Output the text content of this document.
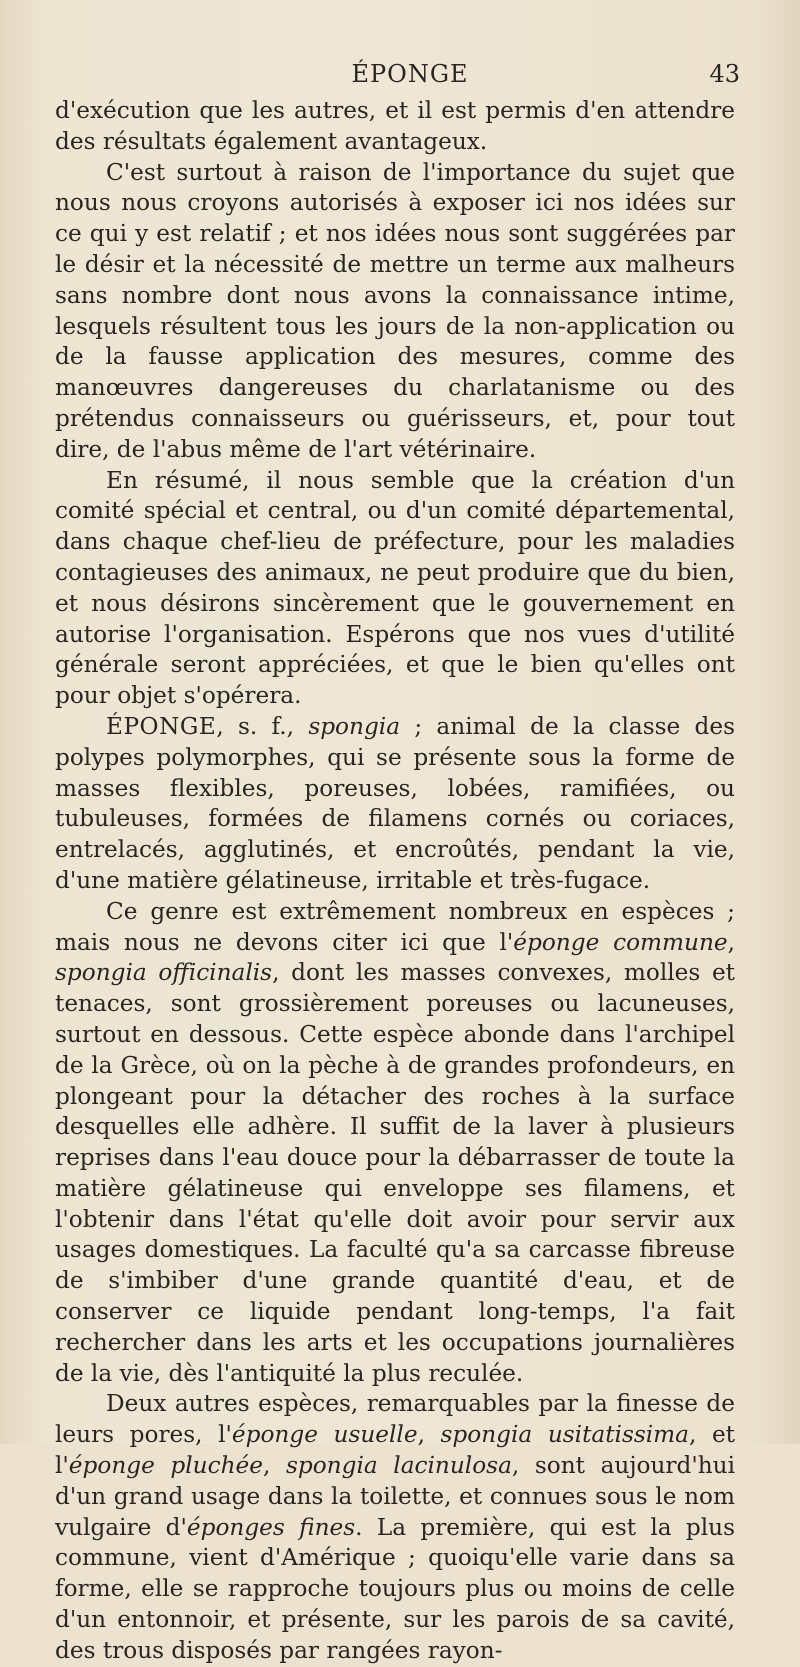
ÉPONGE	43

d'exécution que les autres, et il est permis d'en attendre des résultats également avantageux.

C'est surtout à raison de l'importance du sujet que nous nous croyons autorisés à exposer ici nos idées sur ce qui y est relatif ; et nos idées nous sont suggérées par le désir et la nécessité de mettre un terme aux malheurs sans nombre dont nous avons la connaissance intime, lesquels résultent tous les jours de la non-application ou de la fausse application des mesures, comme des manœuvres dangereuses du charlatanisme ou des prétendus connaisseurs ou guérisseurs, et, pour tout dire, de l'abus même de l'art vétérinaire.

En résumé, il nous semble que la création d'un comité spécial et central, ou d'un comité départemental, dans chaque chef-lieu de préfecture, pour les maladies contagieuses des animaux, ne peut produire que du bien, et nous désirons sincèrement que le gouvernement en autorise l'organisation. Espérons que nos vues d'utilité générale seront appréciées, et que le bien qu'elles ont pour objet s'opérera.

ÉPONGE, s. f., spongia ; animal de la classe des polypes polymorphes, qui se présente sous la forme de masses flexibles, poreuses, lobées, ramifiées, ou tubuleuses, formées de filamens cornés ou coriaces, entrelacés, agglutinés, et encroûtés, pendant la vie, d'une matière gélatineuse, irritable et très-fugace.

Ce genre est extrêmement nombreux en espèces ; mais nous ne devons citer ici que l'éponge commune, spongia officinalis, dont les masses convexes, molles et tenaces, sont grossièrement poreuses ou lacuneuses, surtout en dessous. Cette espèce abonde dans l'archipel de la Grèce, où on la pèche à de grandes profondeurs, en plongeant pour la détacher des roches à la surface desquelles elle adhère. Il suffit de la laver à plusieurs reprises dans l'eau douce pour la débarrasser de toute la matière gélatineuse qui enveloppe ses filamens, et l'obtenir dans l'état qu'elle doit avoir pour servir aux usages domestiques. La faculté qu'a sa carcasse fibreuse de s'imbiber d'une grande quantité d'eau, et de conserver ce liquide pendant long-temps, l'a fait rechercher dans les arts et les occupations journalières de la vie, dès l'antiquité la plus reculée.

Deux autres espèces, remarquables par la finesse de leurs pores, l'éponge usuelle, spongia usitatissima, et l'éponge pluchée, spongia lacinulosa, sont aujourd'hui d'un grand usage dans la toilette, et connues sous le nom vulgaire d'éponges fines. La première, qui est la plus commune, vient d'Amérique ; quoiqu'elle varie dans sa forme, elle se rapproche toujours plus ou moins de celle d'un entonnoir, et présente, sur les parois de sa cavité, des trous disposés par rangées rayon-
